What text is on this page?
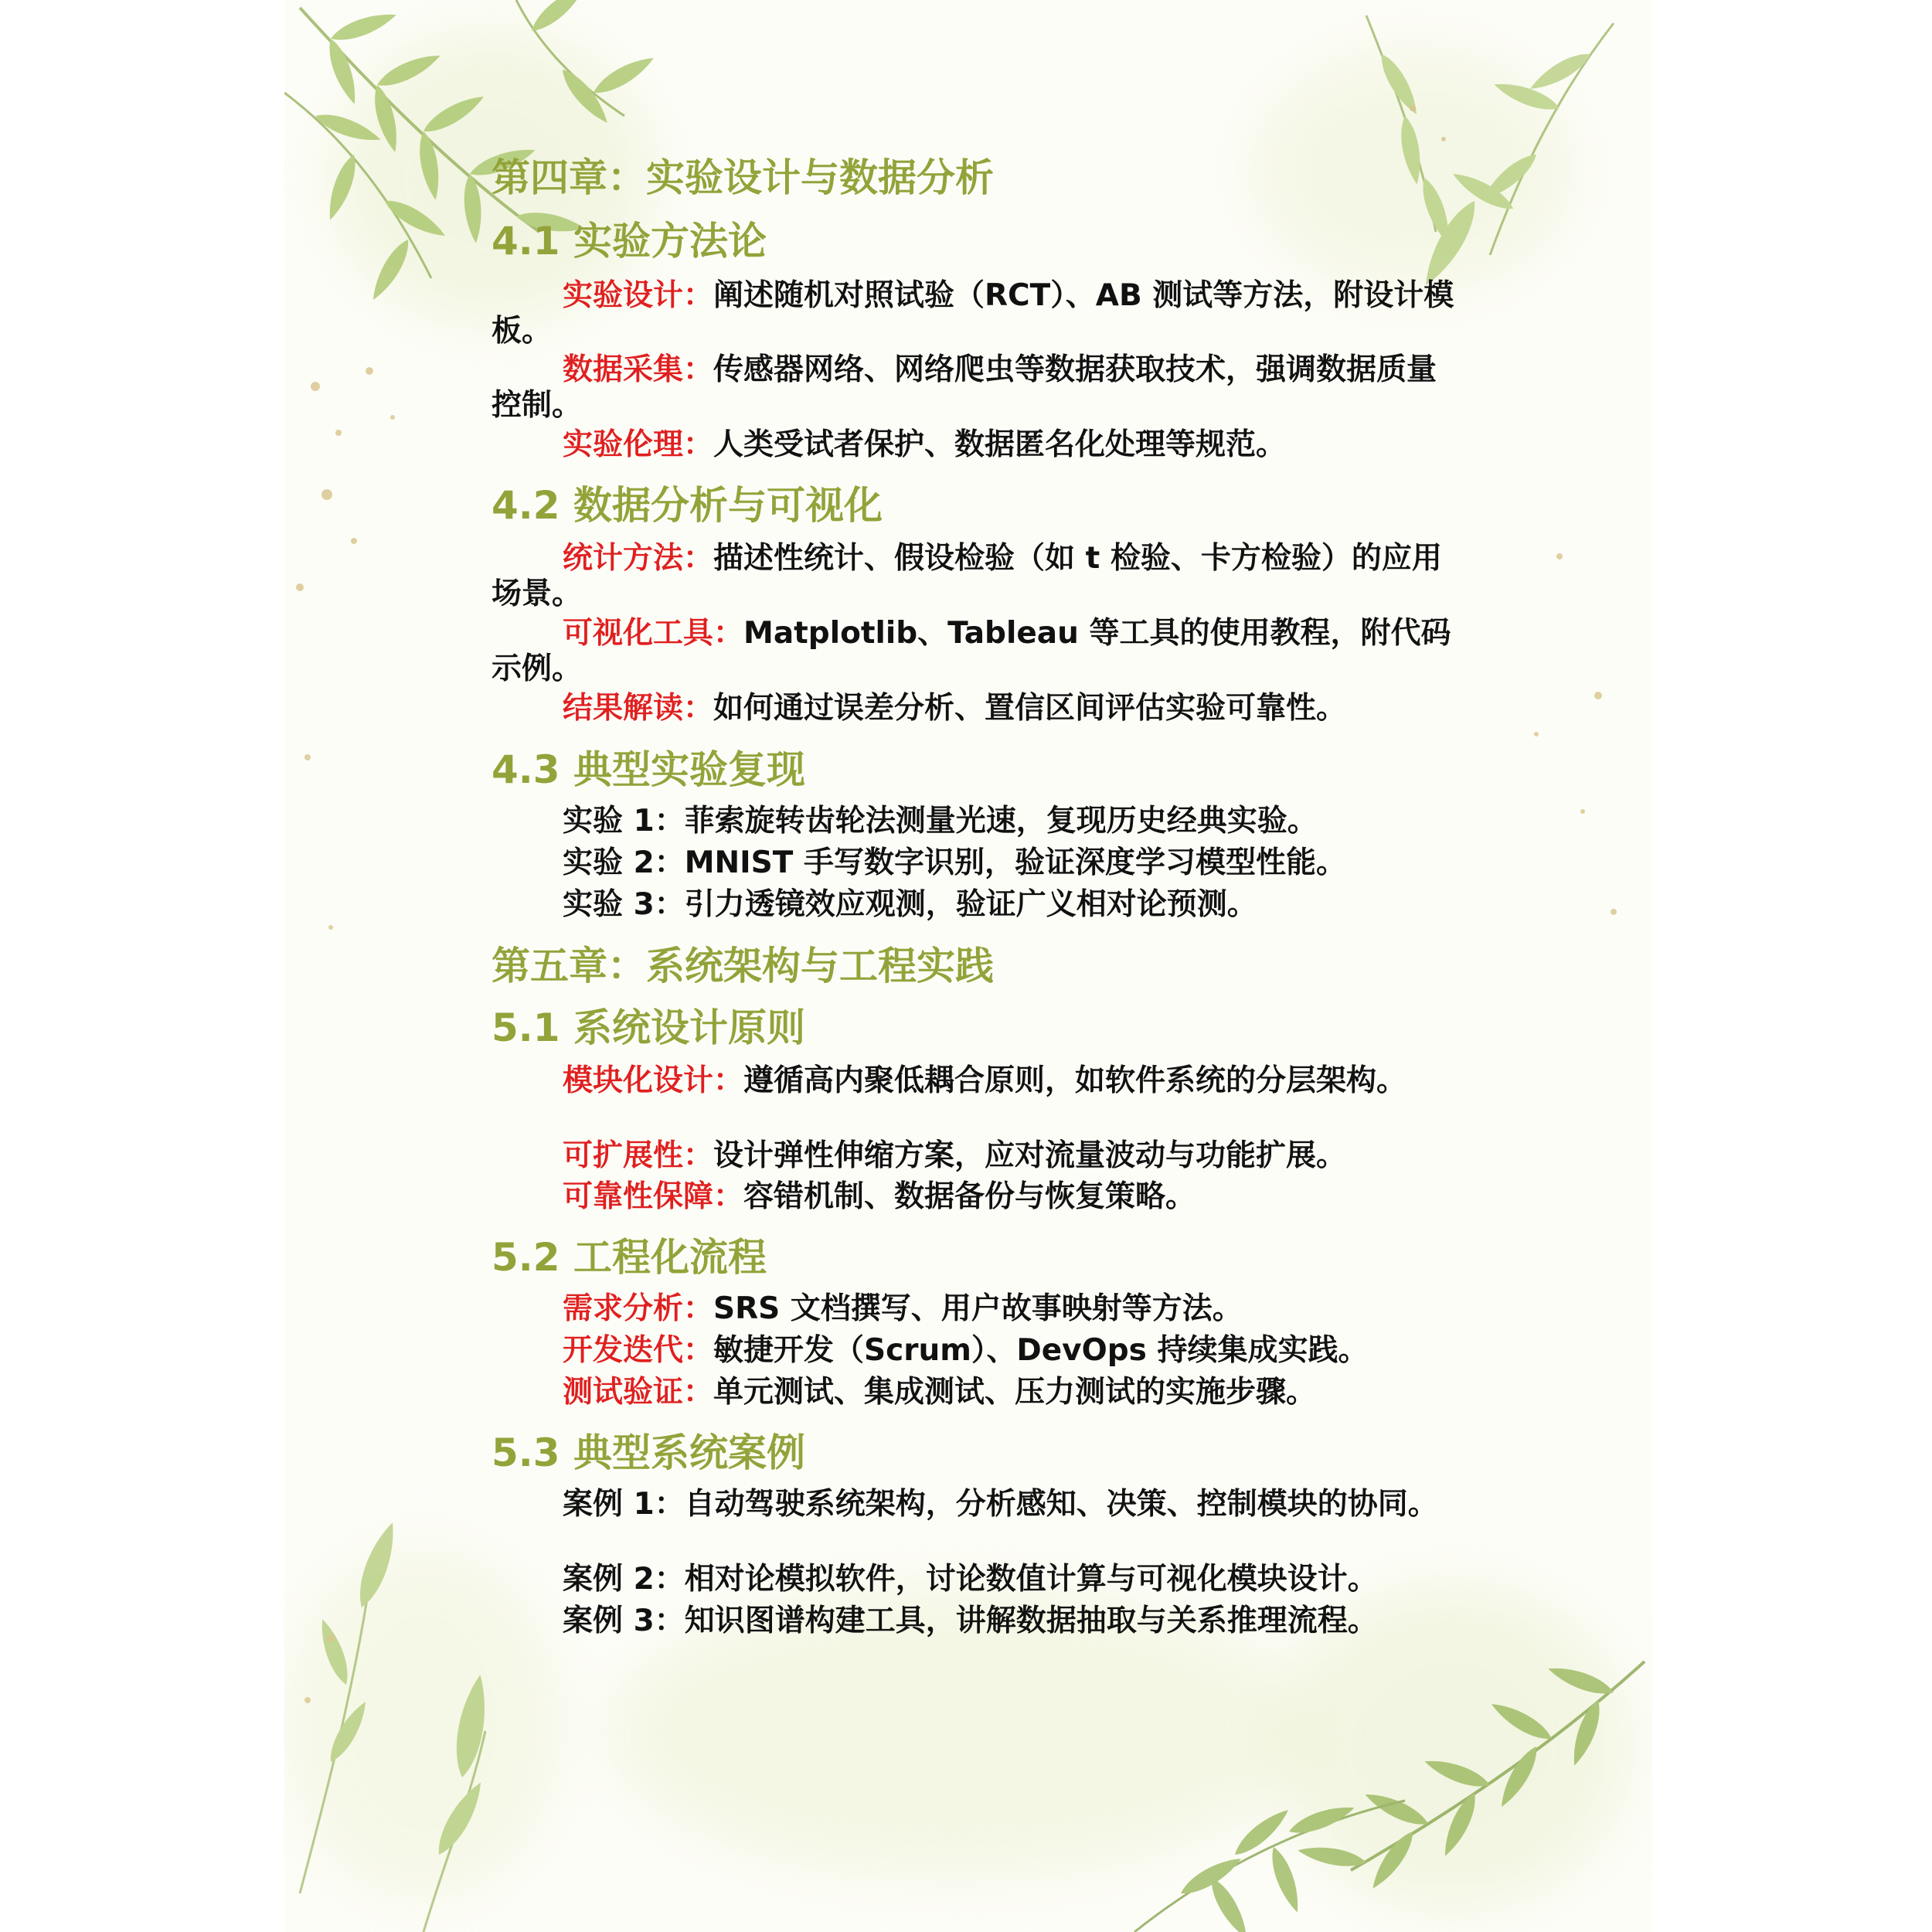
第四章：实验设计与数据分析
4.1 实验方法论
实验设计：阐述随机对照试验（RCT）、AB 测试等方法，附设计模板。
数据采集：传感器网络、网络爬虫等数据获取技术，强调数据质量控制。
实验伦理：人类受试者保护、数据匿名化处理等规范。
4.2 数据分析与可视化
统计方法：描述性统计、假设检验（如 t 检验、卡方检验）的应用场景。
可视化工具：Matplotlib、Tableau 等工具的使用教程，附代码示例。
结果解读：如何通过误差分析、置信区间评估实验可靠性。
4.3 典型实验复现
实验 1：菲索旋转齿轮法测量光速，复现历史经典实验。
实验 2：MNIST 手写数字识别，验证深度学习模型性能。
实验 3：引力透镜效应观测，验证广义相对论预测。
第五章：系统架构与工程实践
5.1 系统设计原则
模块化设计：遵循高内聚低耦合原则，如软件系统的分层架构。
可扩展性：设计弹性伸缩方案，应对流量波动与功能扩展。
可靠性保障：容错机制、数据备份与恢复策略。
5.2 工程化流程
需求分析：SRS 文档撰写、用户故事映射等方法。
开发迭代：敏捷开发（Scrum）、DevOps 持续集成实践。
测试验证：单元测试、集成测试、压力测试的实施步骤。
5.3 典型系统案例
案例 1：自动驾驶系统架构，分析感知、决策、控制模块的协同。
案例 2：相对论模拟软件，讨论数值计算与可视化模块设计。
案例 3：知识图谱构建工具，讲解数据抽取与关系推理流程。
